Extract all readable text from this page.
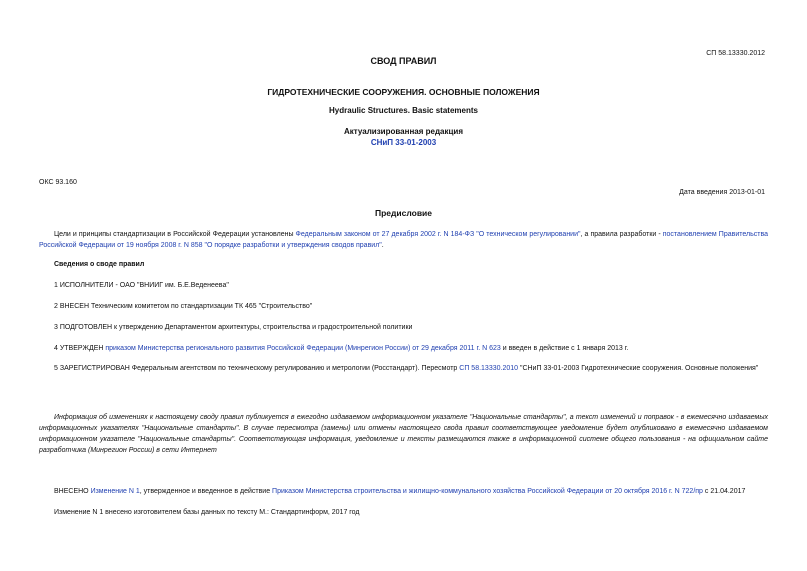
СП 58.13330.2012
СВОД ПРАВИЛ
ГИДРОТЕХНИЧЕСКИЕ СООРУЖЕНИЯ. ОСНОВНЫЕ ПОЛОЖЕНИЯ
Hydraulic Structures. Basic statements
Актуализированная редакция
СНиП 33-01-2003
ОКС 93.160
Дата введения 2013-01-01
Предисловие
Цели и принципы стандартизации в Российской Федерации установлены Федеральным законом от 27 декабря 2002 г. N 184-ФЗ "О техническом регулировании", а правила разработки - постановлением Правительства Российской Федерации от 19 ноября 2008 г. N 858 "О порядке разработки и утверждения сводов правил".
Сведения о своде правил
1 ИСПОЛНИТЕЛИ - ОАО "ВНИИГ им. Б.Е.Веденеева"
2 ВНЕСЕН Техническим комитетом по стандартизации ТК 465 "Строительство"
3 ПОДГОТОВЛЕН к утверждению Департаментом архитектуры, строительства и градостроительной политики
4 УТВЕРЖДЕН приказом Министерства регионального развития Российской Федерации (Минрегион России) от 29 декабря 2011 г. N 623 и введен в действие с 1 января 2013 г.
5 ЗАРЕГИСТРИРОВАН Федеральным агентством по техническому регулированию и метрологии (Росстандарт). Пересмотр СП 58.13330.2010 "СНиП 33-01-2003 Гидротехнические сооружения. Основные положения"
Информация об изменениях к настоящему своду правил публикуется в ежегодно издаваемом информационном указателе "Национальные стандарты", а текст изменений и поправок - в ежемесячно издаваемых информационных указателях "Национальные стандарты". В случае пересмотра (замены) или отмены настоящего свода правил соответствующее уведомление будет опубликовано в ежемесячно издаваемом информационном указателе "Национальные стандарты". Соответствующая информация, уведомление и тексты размещаются также в информационной системе общего пользования - на официальном сайте разработчика (Минрегион России) в сети Интернет
ВНЕСЕНО Изменение N 1, утвержденное и введенное в действие Приказом Министерства строительства и жилищно-коммунального хозяйства Российской Федерации от 20 октября 2016 г. N 722/пр с 21.04.2017
Изменение N 1 внесено изготовителем базы данных по тексту М.: Стандартинформ, 2017 год
